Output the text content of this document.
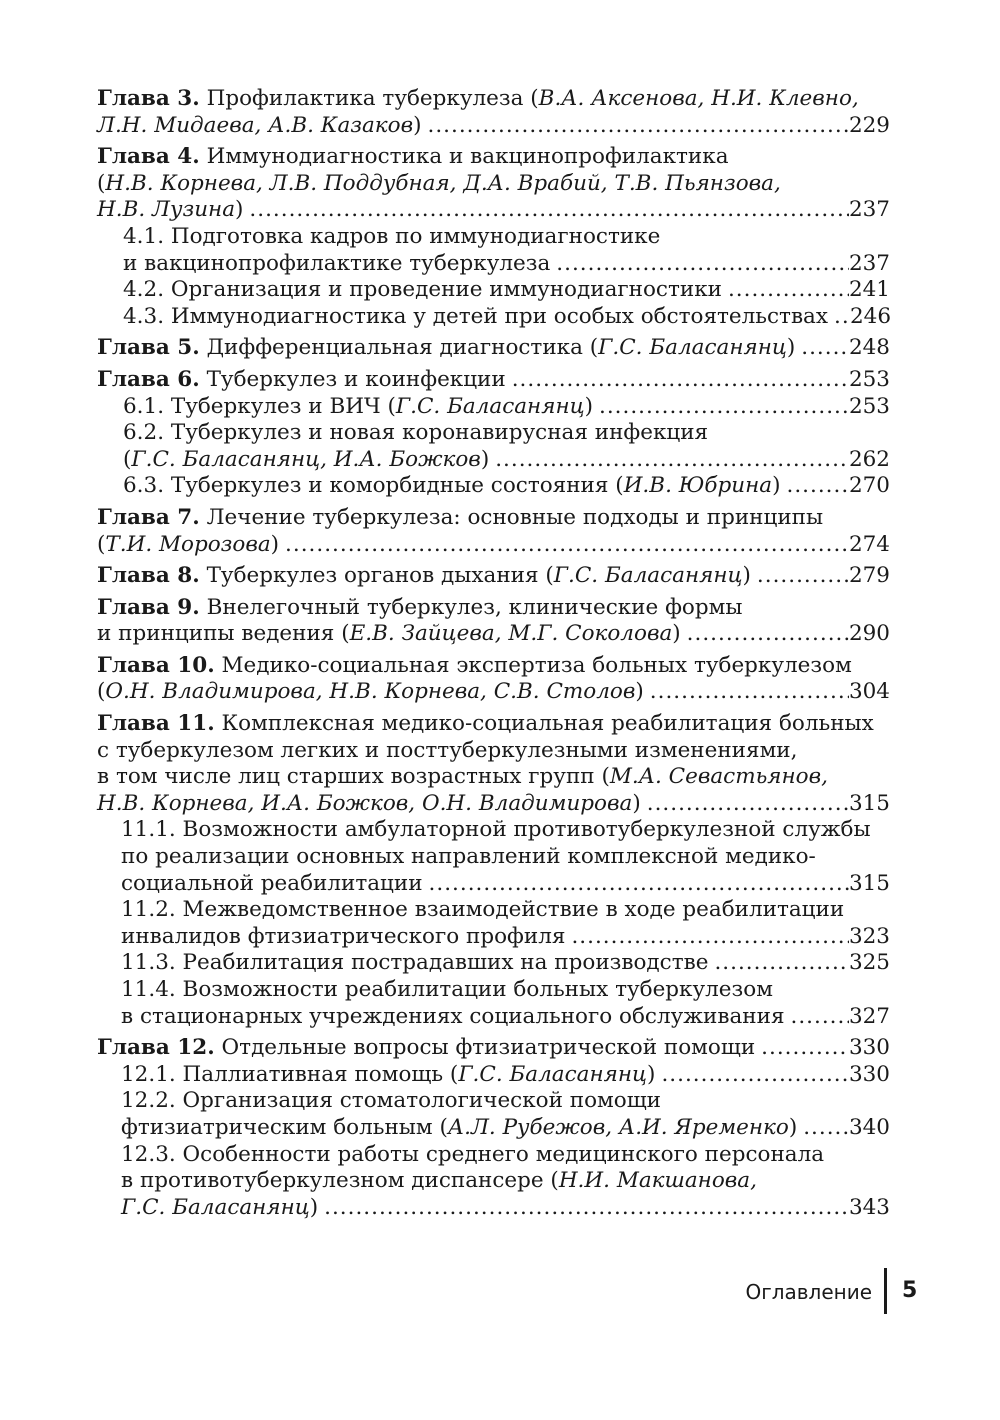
Глава 3. Профилактика туберкулеза (В.А. Аксенова, Н.И. Клевно,
Л.Н. Мидаева, А.В. Казаков) .....	229
Глава 4. Иммунодиагностика и вакцинопрофилактика
(Н.В. Корнева, Л.В. Поддубная, Д.А. Врабий, Т.В. Пьянзова,
Н.В. Лузина) .....	237
4.1. Подготовка кадров по иммунодиагностике
и вакцинопрофилактике туберкулеза .....	237
4.2. Организация и проведение иммунодиагностики .....	241
4.3. Иммунодиагностика у детей при особых обстоятельствах ..... 246
Глава 5. Дифференциальная диагностика (Г.С. Баласанянц) ..... 248
Глава 6. Туберкулез и коинфекции .....	253
6.1. Туберкулез и ВИЧ (Г.С. Баласанянц) .....	253
6.2. Туберкулез и новая коронавирусная инфекция
(Г.С. Баласанянц, И.А. Божков) .....	262
6.3. Туберкулез и коморбидные состояния (И.В. Юбрина) .....	270
Глава 7. Лечение туберкулеза: основные подходы и принципы
(Т.И. Морозова) .....	274
Глава 8. Туберкулез органов дыхания (Г.С. Баласанянц) .....	279
Глава 9. Внелегочный туберкулез, клинические формы
и принципы ведения (Е.В. Зайцева, М.Г. Соколова) .....	290
Глава 10. Медико-социальная экспертиза больных туберкулезом
(О.Н. Владимирова, Н.В. Корнева, С.В. Столов) .....	304
Глава 11. Комплексная медико-социальная реабилитация больных
с туберкулезом легких и посттуберкулезными изменениями,
в том числе лиц старших возрастных групп (М.А. Севастьянов,
Н.В. Корнева, И.А. Божков, О.Н. Владимирова) .....	315
11.1. Возможности амбулаторной противотуберкулезной службы
по реализации основных направлений комплексной медико-
социальной реабилитации .....	315
11.2. Межведомственное взаимодействие в ходе реабилитации
инвалидов фтизиатрического профиля .....	323
11.3. Реабилитация пострадавших на производстве .....	325
11.4. Возможности реабилитации больных туберкулезом
в стационарных учреждениях социального обслуживания .....	327
Глава 12. Отдельные вопросы фтизиатрической помощи .....	330
12.1. Паллиативная помощь (Г.С. Баласанянц) .....	330
12.2. Организация стоматологической помощи
фтизиатрическим больным (А.Л. Рубежов, А.И. Яременко) ..... 340
12.3. Особенности работы среднего медицинского персонала
в противотуберкулезном диспансере (Н.И. Макшанова,
Г.С. Баласанянц) .....	343
Оглавление 5
